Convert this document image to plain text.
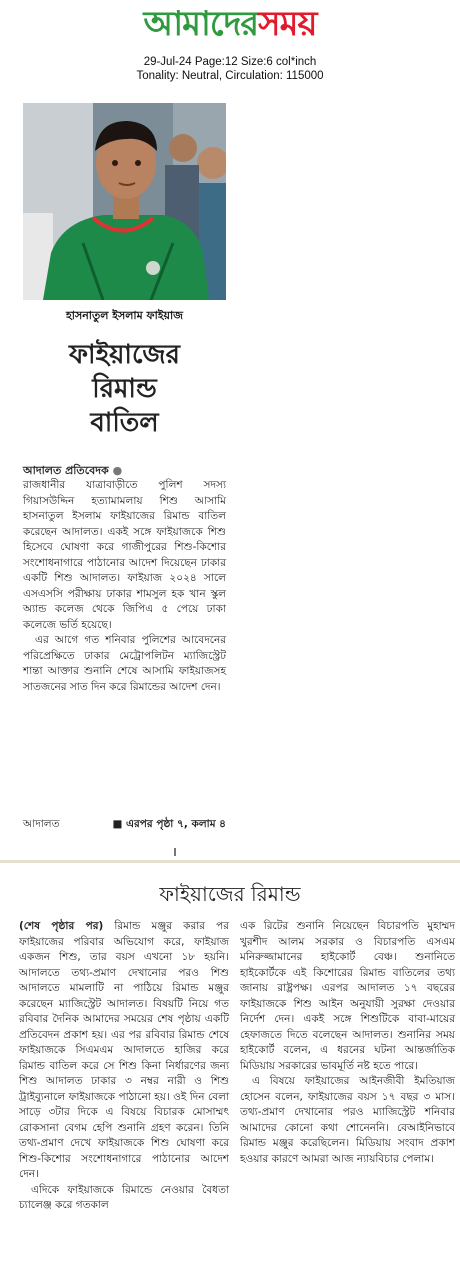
আমাদেরসময়
29-Jul-24 Page:12 Size:6 col*inch
Tonality: Neutral, Circulation: 115000
হাসনাতুল ইসলাম ফাইয়াজ
ফাইয়াজের
রিমান্ড
বাতিল
আদালত প্রতিবেদক ●

রাজধানীর যাত্রাবাড়ীতে পুলিশ সদস্য গিয়াসউদ্দিন হত্যামামলায় শিশু আসামি হাসনাতুল ইসলাম ফাইয়াজের রিমান্ড বাতিল করেছেন আদালত। একই সঙ্গে ফাইয়াজকে শিশু হিসেবে ঘোষণা করে গাজীপুরের শিশু-কিশোর সংশোধনাগারে পাঠানোর আদেশ দিয়েছেন ঢাকার একটি শিশু আদালত। ফাইয়াজ ২০২৪ সালে এসএসসি পরীক্ষায় ঢাকার শামসুল হক খান স্কুল অ্যান্ড কলেজ থেকে জিপিএ ৫ পেয়ে ঢাকা কলেজে ভর্তি হয়েছে।

এর আগে গত শনিবার পুলিশের আবেদনের পরিপ্রেক্ষিতে ঢাকার মেট্রোপলিটন ম্যাজিস্ট্রেট শান্তা আক্তার শুনানি শেষে আসামি ফাইয়াজসহ সাতজনের সাত দিন করে রিমান্ডের আদেশ দেন।

আদালত	■ এরপর পৃষ্ঠা ৭, কলাম ৪
ফাইয়াজের রিমান্ড

(শেষ পৃষ্ঠার পর) রিমান্ড মঞ্জুর করার পর ফাইয়াজের পরিবার অভিযোগ করে, ফাইয়াজ একজন শিশু, তার বয়স এখনো ১৮ হয়নি। আদালতে তথ্য-প্রমাণ দেখানোর পরও শিশু আদালতে মামলাটি না পাঠিয়ে রিমান্ড মঞ্জুর করেছেন ম্যাজিস্ট্রেট আদালত। বিষয়টি নিয়ে গত রবিবার দৈনিক আমাদের সময়ের শেষ পৃষ্ঠায় একটি প্রতিবেদন প্রকাশ হয়। এর পর রবিবার রিমান্ড শেষে ফাইয়াজকে সিএমএম আদালতে হাজির করে রিমান্ড বাতিল করে সে শিশু কিনা নির্ধারণের জন্য শিশু আদালত ঢাকার ৩ নম্বর নারী ও শিশু ট্রাইব্যুনালে ফাইয়াজকে পাঠানো হয়। ওই দিন বেলা সাড়ে ৩টার দিকে এ বিষয়ে বিচারক মোসাম্মৎ রোকসানা বেগম হেপি শুনানি গ্রহণ করেন। তিনি তথ্য-প্রমাণ দেখে ফাইয়াজকে শিশু ঘোষণা করে শিশু-কিশোর সংশোধনাগারে পাঠানোর আদেশ দেন।

এদিকে ফাইয়াজকে রিমান্ডে নেওয়ার বৈধতা চ্যালেঞ্জ করে গতকাল

এক রিটের শুনানি নিয়েছেন বিচারপতি মুহাম্মদ খুরশীদ আলম সরকার ও বিচারপতি এসএম মনিরুজ্জামানের হাইকোর্ট বেঞ্চ। শুনানিতে হাইকোর্টকে এই কিশোরের রিমান্ড বাতিলের তথ্য জানায় রাষ্ট্রপক্ষ। এরপর আদালত ১৭ বছরের ফাইয়াজকে শিশু আইন অনুযায়ী সুরক্ষা দেওয়ার নির্দেশ দেন। একই সঙ্গে শিশুটিকে বাবা-মায়ের হেফাজতে দিতে বলেছেন আদালত। শুনানির সময় হাইকোর্ট বলেন, এ ধরনের ঘটনা আন্তর্জাতিক মিডিয়ায় সরকারের ভাবমূর্তি নষ্ট হতে পারে।

এ বিষয়ে ফাইয়াজের আইনজীবী ইমতিয়াজ হোসেন বলেন, ফাইয়াজের বয়স ১৭ বছর ৩ মাস। তথ্য-প্রমাণ দেখানোর পরও ম্যাজিস্ট্রেট শনিবার আমাদের কোনো কথা শোনেননি। বেআইনিভাবে রিমান্ড মঞ্জুর করেছিলেন। মিডিয়ায় সংবাদ প্রকাশ হওয়ার কারণে আমরা আজ ন্যায়বিচার পেলাম।
